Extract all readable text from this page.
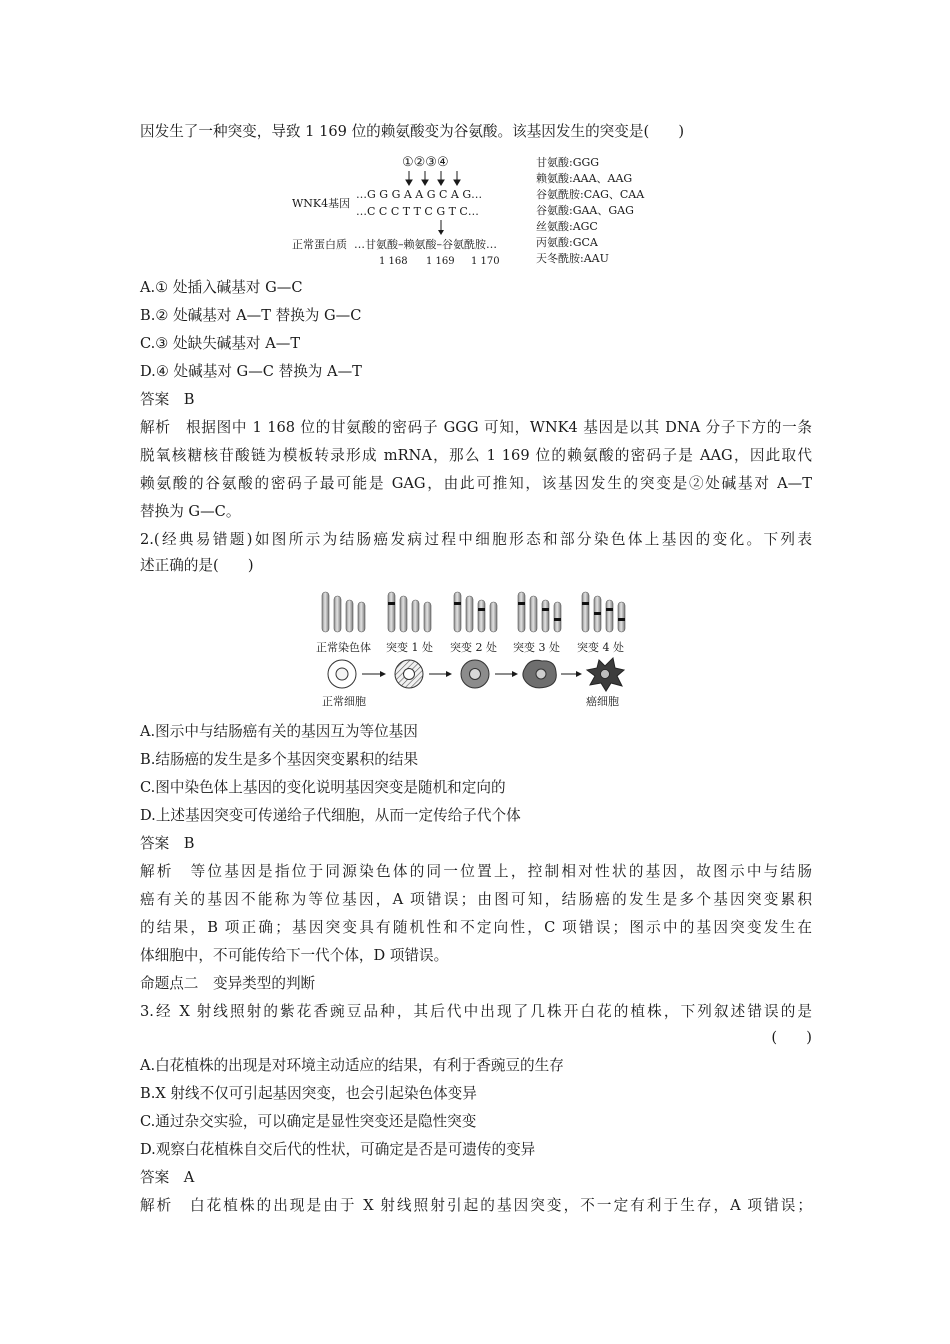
因发生了一种突变，导致 1 169 位的赖氨酸变为谷氨酸。该基因发生的突变是(　　)
①②③④
WNK4基因
…G G G A A G C A G…
…C C C T T C G T C…
正常蛋白质 …甘氨酸–赖氨酸–谷氨酰胺…
1 168 1 169 1 170
甘氨酸:GGG
赖氨酸:AAA、AAG
谷氨酰胺:CAG、CAA
谷氨酸:GAA、GAG
丝氨酸:AGC
丙氨酸:GCA
天冬酰胺:AAU
A.① 处插入碱基对 G—C
B.② 处碱基对 A—T 替换为 G—C
C.③ 处缺失碱基对 A—T
D.④ 处碱基对 G—C 替换为 A—T
答案　B
解析　根据图中 1 168 位的甘氨酸的密码子 GGG 可知，WNK4 基因是以其 DNA 分子下方的一条
脱氧核糖核苷酸链为模板转录形成 mRNA，那么 1 169 位的赖氨酸的密码子是 AAG，因此取代
赖氨酸的谷氨酸的密码子最可能是 GAG，由此可推知，该基因发生的突变是②处碱基对 A—T
替换为 G—C。
2.(经典易错题)如图所示为结肠癌发病过程中细胞形态和部分染色体上基因的变化。下列表
述正确的是(　　)
正常染色体 突变 1 处 突变 2 处 突变 3 处 突变 4 处
正常细胞	癌细胞
A.图示中与结肠癌有关的基因互为等位基因
B.结肠癌的发生是多个基因突变累积的结果
C.图中染色体上基因的变化说明基因突变是随机和定向的
D.上述基因突变可传递给子代细胞，从而一定传给子代个体
答案　B
解析　等位基因是指位于同源染色体的同一位置上，控制相对性状的基因，故图示中与结肠
癌有关的基因不能称为等位基因，A 项错误；由图可知，结肠癌的发生是多个基因突变累积
的结果，B 项正确；基因突变具有随机性和不定向性，C 项错误；图示中的基因突变发生在
体细胞中，不可能传给下一代个体，D 项错误。
命题点二　变异类型的判断
3.经 X 射线照射的紫花香豌豆品种，其后代中出现了几株开白花的植株，下列叙述错误的是
(　　)
A.白花植株的出现是对环境主动适应的结果，有利于香豌豆的生存
B.X 射线不仅可引起基因突变，也会引起染色体变异
C.通过杂交实验，可以确定是显性突变还是隐性突变
D.观察白花植株自交后代的性状，可确定是否是可遗传的变异
答案　A
解析　白花植株的出现是由于 X 射线照射引起的基因突变，不一定有利于生存，A 项错误；
